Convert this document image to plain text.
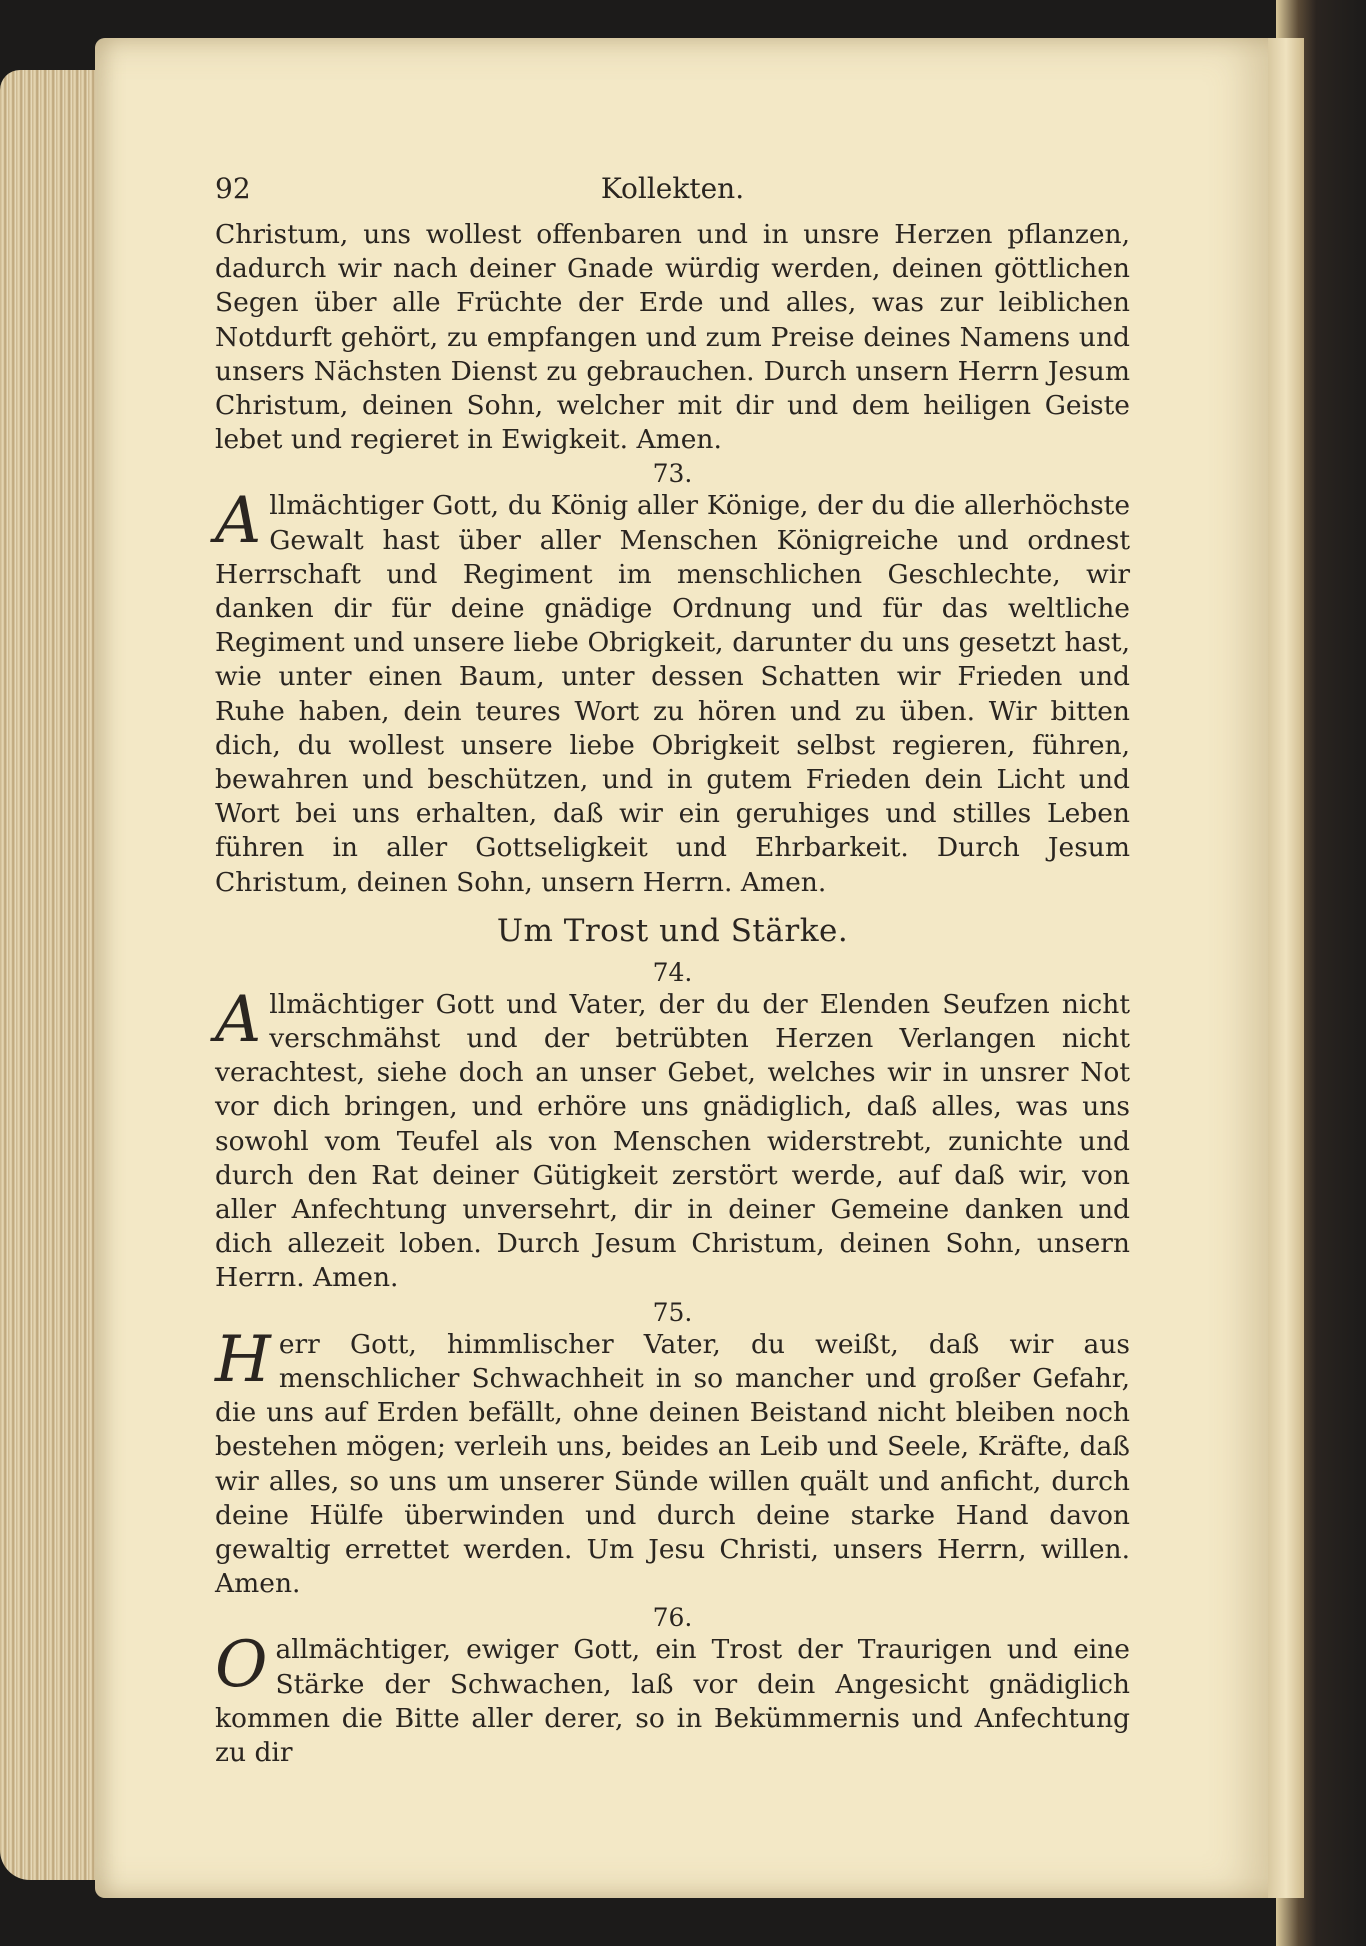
92	Kollekten.

Christum, uns wollest offenbaren und in unsre Herzen pflanzen, dadurch wir nach deiner Gnade würdig werden, deinen göttlichen Segen über alle Früchte der Erde und alles, was zur leiblichen Notdurft gehört, zu empfangen und zum Preise deines Namens und unsers Nächsten Dienst zu gebrauchen. Durch unsern Herrn Jesum Christum, deinen Sohn, welcher mit dir und dem heiligen Geiste lebet und regieret in Ewigkeit. Amen.

73.

Allmächtiger Gott, du König aller Könige, der du die allerhöchste Gewalt hast über aller Menschen Königreiche und ordnest Herrschaft und Regiment im menschlichen Geschlechte, wir danken dir für deine gnädige Ordnung und für das weltliche Regiment und unsere liebe Obrigkeit, darunter du uns gesetzt hast, wie unter einen Baum, unter dessen Schatten wir Frieden und Ruhe haben, dein teures Wort zu hören und zu üben. Wir bitten dich, du wollest unsere liebe Obrigkeit selbst regieren, führen, bewahren und beschützen, und in gutem Frieden dein Licht und Wort bei uns erhalten, daß wir ein geruhiges und stilles Leben führen in aller Gottseligkeit und Ehrbarkeit. Durch Jesum Christum, deinen Sohn, unsern Herrn. Amen.

Um Trost und Stärke.
74.

Allmächtiger Gott und Vater, der du der Elenden Seufzen nicht verschmähst und der betrübten Herzen Verlangen nicht verachtest, siehe doch an unser Gebet, welches wir in unsrer Not vor dich bringen, und erhöre uns gnädiglich, daß alles, was uns sowohl vom Teufel als von Menschen widerstrebt, zunichte und durch den Rat deiner Gütigkeit zerstört werde, auf daß wir, von aller Anfechtung unversehrt, dir in deiner Gemeine danken und dich allezeit loben. Durch Jesum Christum, deinen Sohn, unsern Herrn. Amen.

75.

Herr Gott, himmlischer Vater, du weißt, daß wir aus menschlicher Schwachheit in so mancher und großer Gefahr, die uns auf Erden befällt, ohne deinen Beistand nicht bleiben noch bestehen mögen; verleih uns, beides an Leib und Seele, Kräfte, daß wir alles, so uns um unserer Sünde willen quält und anficht, durch deine Hülfe überwinden und durch deine starke Hand davon gewaltig errettet werden. Um Jesu Christi, unsers Herrn, willen. Amen.

76.

Oallmächtiger, ewiger Gott, ein Trost der Traurigen und eine Stärke der Schwachen, laß vor dein Angesicht gnädiglich kommen die Bitte aller derer, so in Bekümmernis und Anfechtung zu dir
